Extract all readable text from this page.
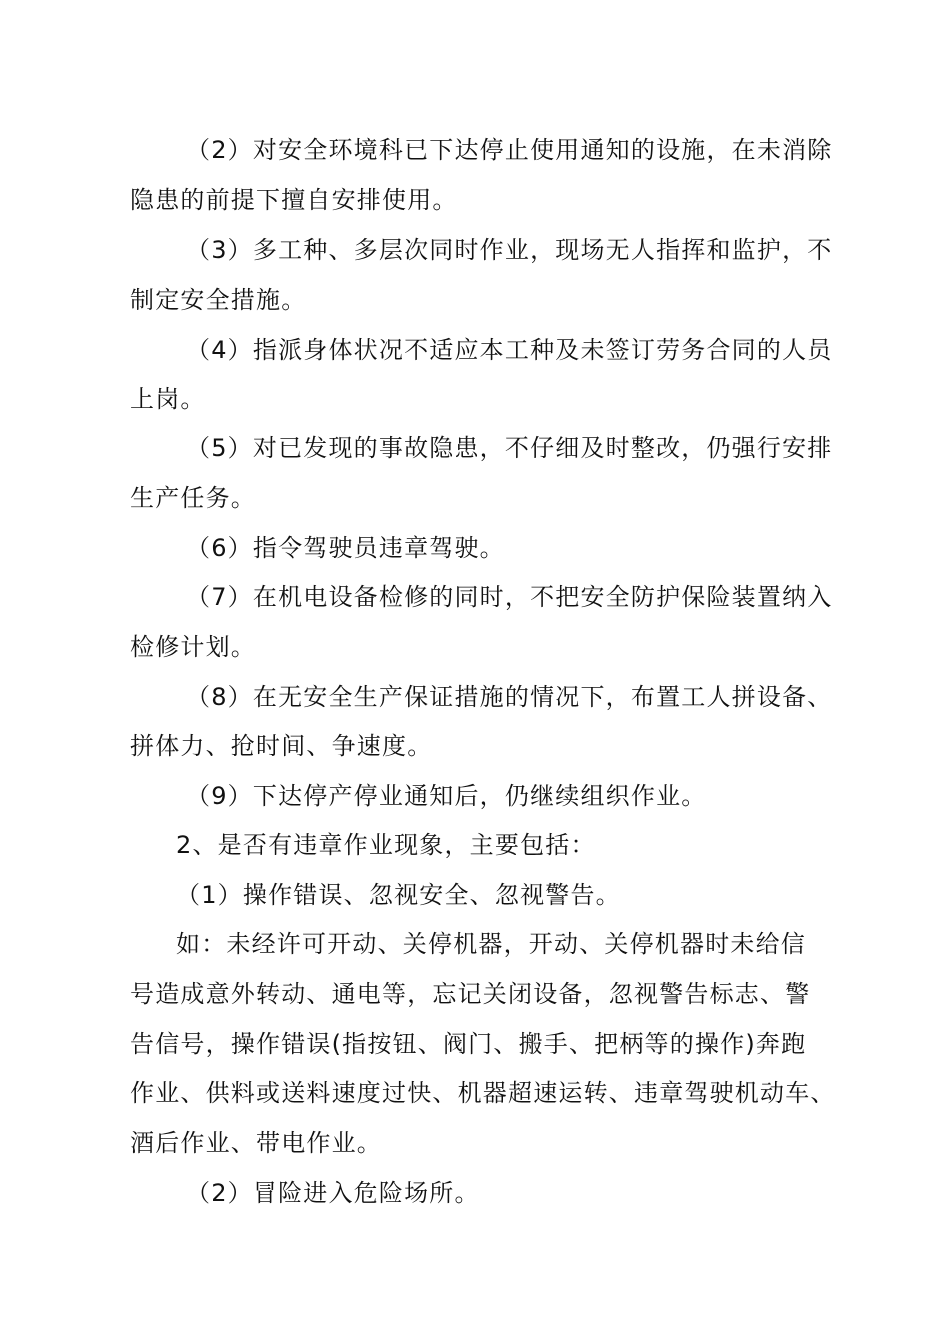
（2）对安全环境科已下达停止使用通知的设施，在未消除
隐患的前提下擅自安排使用。
（3）多工种、多层次同时作业，现场无人指挥和监护，不
制定安全措施。
（4）指派身体状况不适应本工种及未签订劳务合同的人员
上岗。
（5）对已发现的事故隐患，不仔细及时整改，仍强行安排
生产任务。
（6）指令驾驶员违章驾驶。
（7）在机电设备检修的同时，不把安全防护保险装置纳入
检修计划。
（8）在无安全生产保证措施的情况下，布置工人拼设备、
拼体力、抢时间、争速度。
（9）下达停产停业通知后，仍继续组织作业。
2、是否有违章作业现象，主要包括：
（1）操作错误、忽视安全、忽视警告。
如：未经许可开动、关停机器，开动、关停机器时未给信
号造成意外转动、通电等，忘记关闭设备，忽视警告标志、警
告信号，操作错误(指按钮、阀门、搬手、把柄等的操作)奔跑
作业、供料或送料速度过快、机器超速运转、违章驾驶机动车、
酒后作业、带电作业。
（2）冒险进入危险场所。
